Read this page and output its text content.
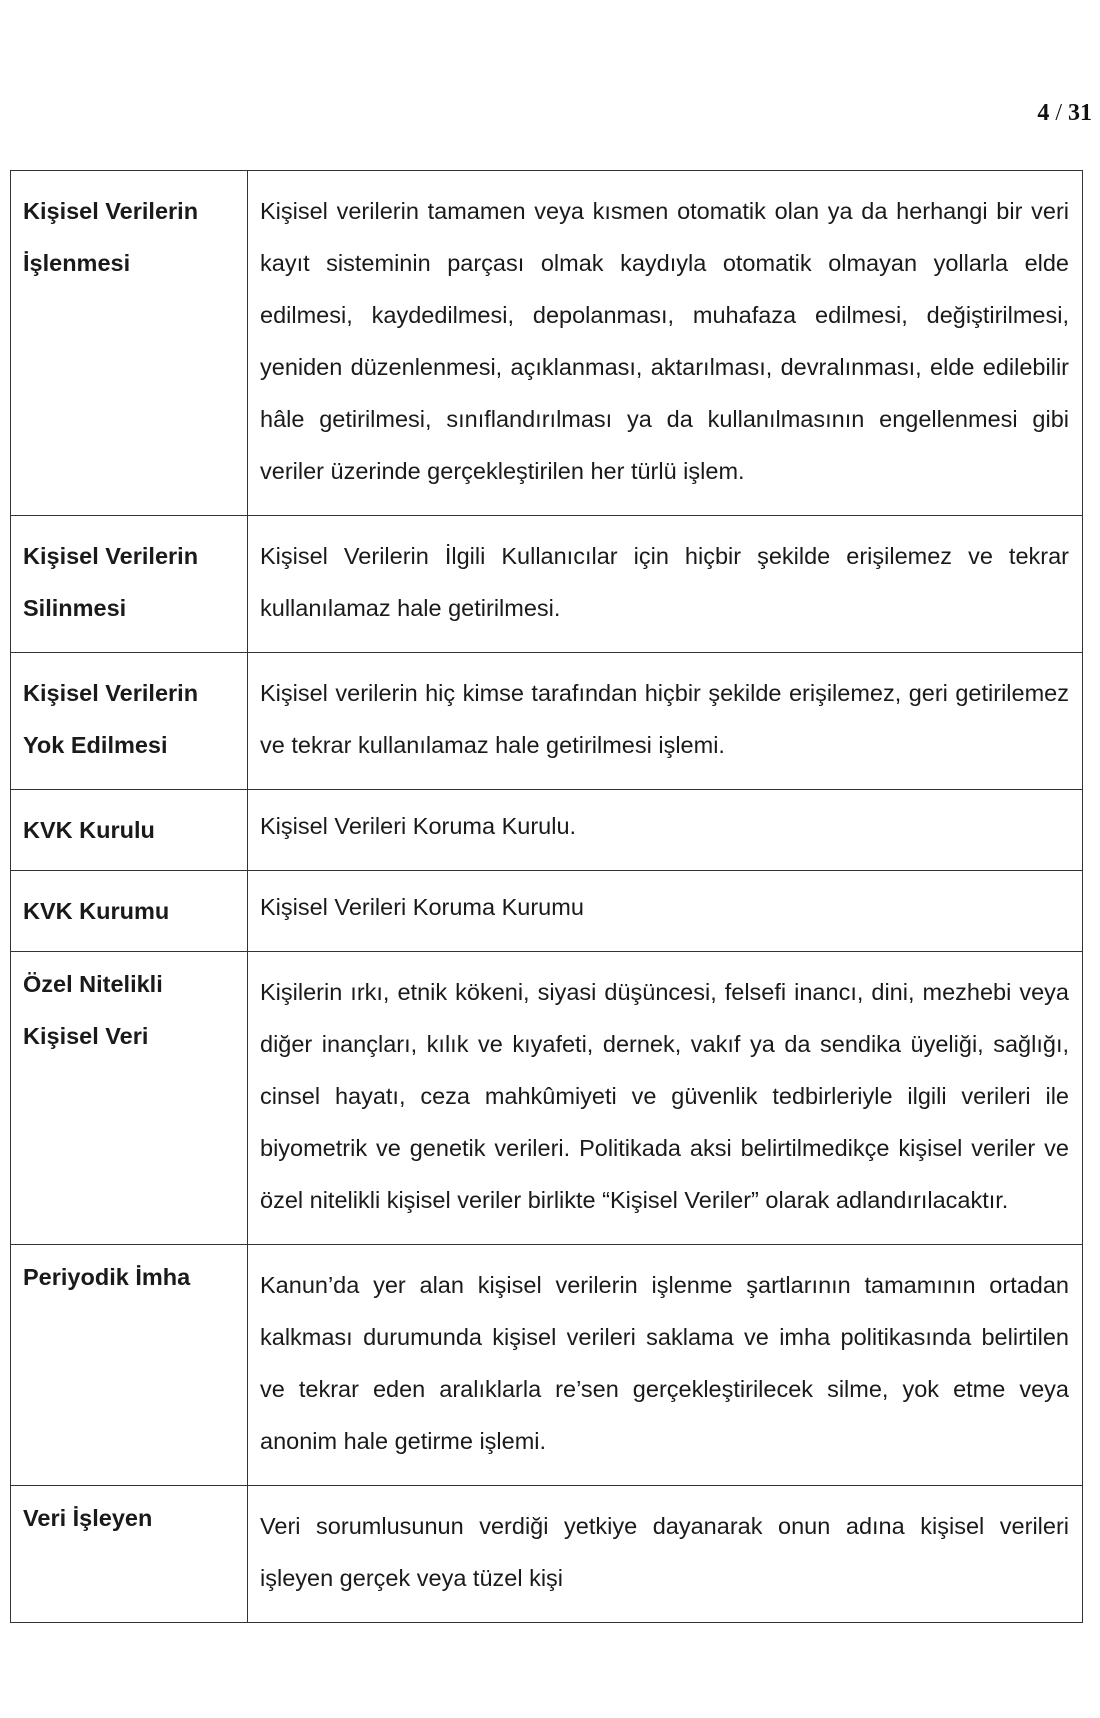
4 / 31
Kişisel Verilerin
İşlenmesi	Kişisel verilerin tamamen veya kısmen otomatik olan ya da herhangi bir veri kayıt sisteminin parçası olmak kaydıyla otomatik olmayan yollarla elde edilmesi, kaydedilmesi, depolanması, muhafaza edilmesi, değiştirilmesi, yeniden düzenlenmesi, açıklanması, aktarılması, devralınması, elde edilebilir hâle getirilmesi, sınıflandırılması ya da kullanılmasının engellenmesi gibi veriler üzerinde gerçekleştirilen her türlü işlem.

Kişisel Verilerin
Silinmesi	Kişisel Verilerin İlgili Kullanıcılar için hiçbir şekilde erişilemez ve tekrar kullanılamaz hale getirilmesi.

Kişisel Verilerin
Yok Edilmesi	Kişisel verilerin hiç kimse tarafından hiçbir şekilde erişilemez, geri getirilemez ve tekrar kullanılamaz hale getirilmesi işlemi.

KVK Kurulu	Kişisel Verileri Koruma Kurulu.

KVK Kurumu	Kişisel Verileri Koruma Kurumu

Özel Nitelikli
Kişisel Veri	Kişilerin ırkı, etnik kökeni, siyasi düşüncesi, felsefi inancı, dini, mezhebi veya diğer inançları, kılık ve kıyafeti, dernek, vakıf ya da sendika üyeliği, sağlığı, cinsel hayatı, ceza mahkûmiyeti ve güvenlik tedbirleriyle ilgili verileri ile biyometrik ve genetik verileri. Politikada aksi belirtilmedikçe kişisel veriler ve özel nitelikli kişisel veriler birlikte “Kişisel Veriler” olarak adlandırılacaktır.

Periyodik İmha	Kanun’da yer alan kişisel verilerin işlenme şartlarının tamamının ortadan kalkması durumunda kişisel verileri saklama ve imha politikasında belirtilen ve tekrar eden aralıklarla re’sen gerçekleştirilecek silme, yok etme veya anonim hale getirme işlemi.

Veri İşleyen	Veri sorumlusunun verdiği yetkiye dayanarak onun adına kişisel verileri işleyen gerçek veya tüzel kişi
